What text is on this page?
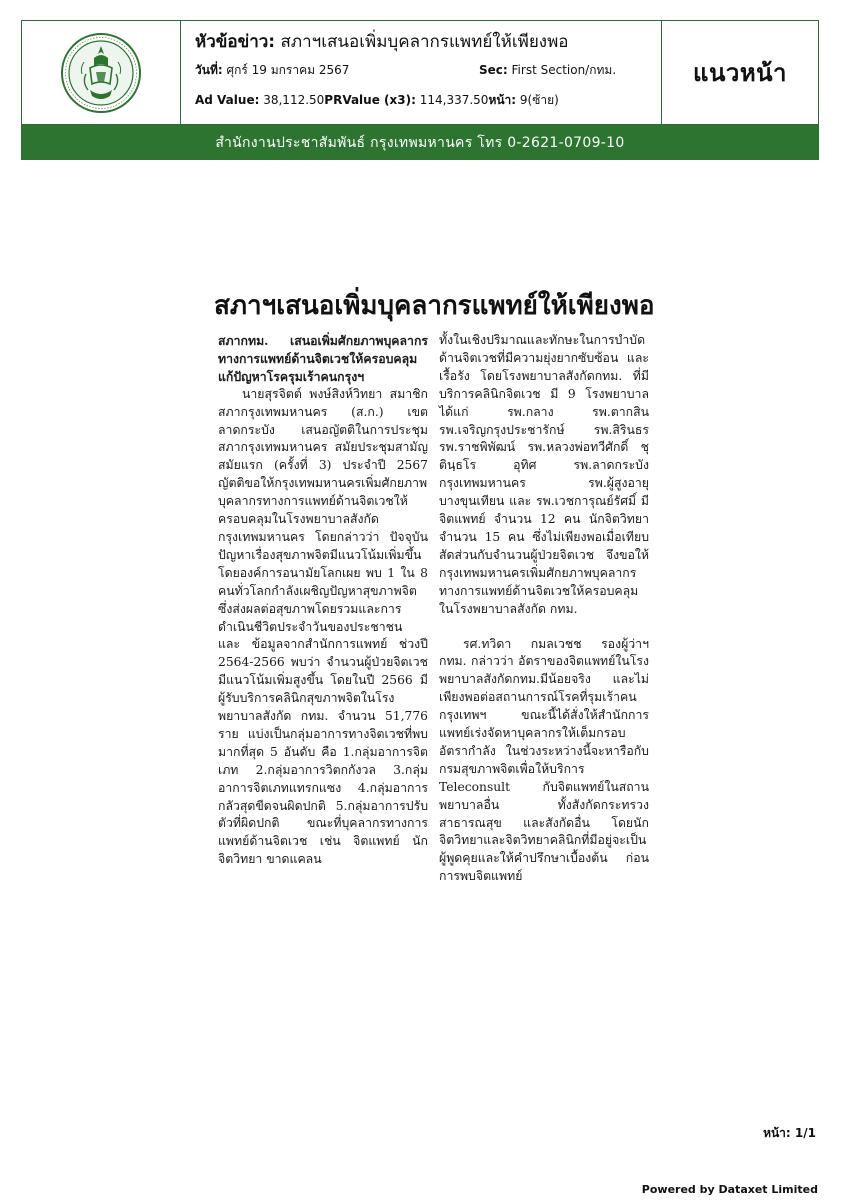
หัวข้อข่าว: สภาฯเสนอเพิ่มบุคลากรแพทย์ให้เพียงพอ
วันที่: ศุกร์ 19 มกราคม 2567	Sec: First Section/กทม.
Ad Value: 38,112.50PRValue (x3): 114,337.50หน้า: 9(ซ้าย)
แนวหน้า
สำนักงานประชาสัมพันธ์ กรุงเทพมหานคร โทร 0-2621-0709-10
สภาฯเสนอเพิ่มบุคลากรแพทย์ให้เพียงพอ

สภากทม. เสนอเพิ่มศักยภาพบุคลากรทางการแพทย์ด้านจิตเวชให้ครอบคลุม แก้ปัญหาโรครุมเร้าคนกรุงฯ

นายสุรจิตต์ พงษ์สิงห์วิทยา สมาชิกสภากรุงเทพมหานคร (ส.ก.) เขตลาดกระบัง เสนอญัตติในการประชุมสภากรุงเทพมหานคร สมัยประชุมสามัญ สมัยแรก (ครั้งที่ 3) ประจำปี 2567 ญัตติขอให้กรุงเทพมหานครเพิ่มศักยภาพบุคลากรทางการแพทย์ด้านจิตเวชให้ครอบคลุมในโรงพยาบาลสังกัดกรุงเทพมหานคร โดยกล่าวว่า ปัจจุบันปัญหาเรื่องสุขภาพจิตมีแนวโน้มเพิ่มขึ้น โดยองค์การอนามัยโลกเผย พบ 1 ใน 8 คนทั่วโลกกำลังเผชิญปัญหาสุขภาพจิต ซึ่งส่งผลต่อสุขภาพโดยรวมและการดำเนินชีวิตประจำวันของประชาชน และ ข้อมูลจากสำนักการแพทย์ ช่วงปี 2564-2566 พบว่า จำนวนผู้ป่วยจิตเวชมีแนวโน้มเพิ่มสูงขึ้น โดยในปี 2566 มีผู้รับบริการคลินิกสุขภาพจิตในโรงพยาบาลสังกัด กทม. จำนวน 51,776 ราย แบ่งเป็นกลุ่มอาการทางจิตเวชที่พบมากที่สุด 5 อันดับ คือ 1.กลุ่มอาการจิตเภท 2.กลุ่มอาการวิตกกังวล 3.กลุ่มอาการจิตเภทแทรกแซง 4.กลุ่มอาการกลัวสุดขีดจนผิดปกติ 5.กลุ่มอาการปรับตัวที่ผิดปกติ ขณะที่บุคลากรทางการแพทย์ด้านจิตเวช เช่น จิตแพทย์ นักจิตวิทยา ขาดแคลน

ทั้งในเชิงปริมาณและทักษะในการบำบัดด้านจิตเวชที่มีความยุ่งยากซับซ้อน และเรื้อรัง โดยโรงพยาบาลสังกัดกทม. ที่มีบริการคลินิกจิตเวช มี 9 โรงพยาบาล ได้แก่ รพ.กลาง รพ.ตากสิน รพ.เจริญกรุงประชารักษ์ รพ.สิรินธร รพ.ราชพิพัฒน์ รพ.หลวงพ่อทวีศักดิ์ ชุตินฺธโร อุทิศ รพ.ลาดกระบังกรุงเทพมหานคร รพ.ผู้สูงอายุบางขุนเทียน และ รพ.เวชการุณย์รัศมิ์ มีจิตแพทย์ จำนวน 12 คน นักจิตวิทยา จำนวน 15 คน ซึ่งไม่เพียงพอเมื่อเทียบสัดส่วนกับจำนวนผู้ป่วยจิตเวช จึงขอให้กรุงเทพมหานครเพิ่มศักยภาพบุคลากรทางการแพทย์ด้านจิตเวชให้ครอบคลุมในโรงพยาบาลสังกัด กทม.

รศ.ทวิดา กมลเวชช รองผู้ว่าฯ กทม. กล่าวว่า อัตราของจิตแพทย์ในโรงพยาบาลสังกัดกทม.มีน้อยจริง และไม่เพียงพอต่อสถานการณ์โรคที่รุมเร้าคนกรุงเทพฯ ขณะนี้ได้สั่งให้สำนักการแพทย์เร่งจัดหาบุคลากรให้เต็มกรอบอัตรากำลัง ในช่วงระหว่างนี้จะหารือกับกรมสุขภาพจิตเพื่อให้บริการ Teleconsult กับจิตแพทย์ในสถานพยาบาลอื่น ทั้งสังกัดกระทรวงสาธารณสุข และสังกัดอื่น โดยนักจิตวิทยาและจิตวิทยาคลินิกที่มีอยู่จะเป็นผู้พูดคุยและให้คำปรึกษาเบื้องต้น ก่อนการพบจิตแพทย์

หน้า: 1/1
Powered by Dataxet Limited
